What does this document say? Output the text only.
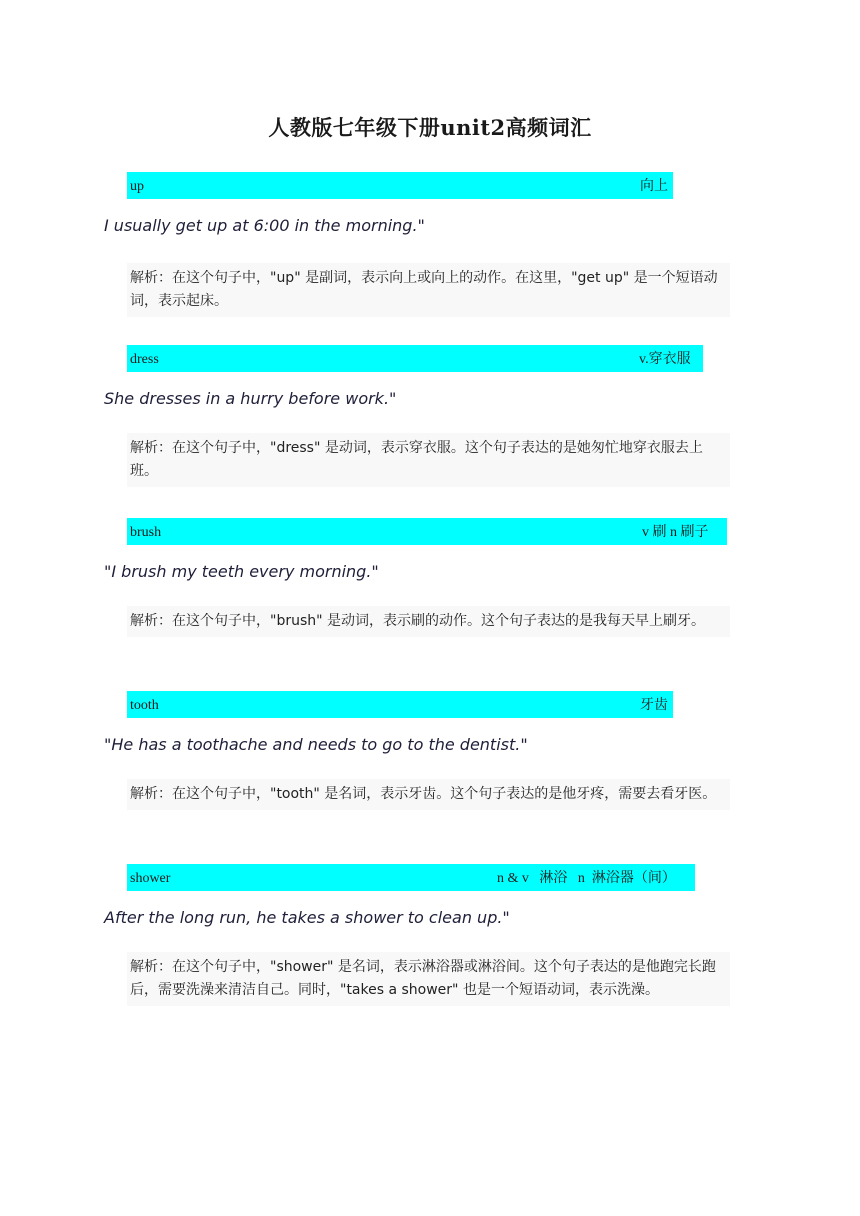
人教版七年级下册unit2高频词汇
up	向上
I usually get up at 6:00 in the morning."
解析：在这个句子中，"up" 是副词，表示向上或向上的动作。在这里，"get up" 是一个短语动词，表示起床。
dress	v.穿衣服
She dresses in a hurry before work."
解析：在这个句子中，"dress" 是动词，表示穿衣服。这个句子表达的是她匆忙地穿衣服去上班。
brush	v 刷 n 刷子
"I brush my teeth every morning."
解析：在这个句子中，"brush" 是动词，表示刷的动作。这个句子表达的是我每天早上刷牙。
tooth	牙齿
"He has a toothache and needs to go to the dentist."
解析：在这个句子中，"tooth" 是名词，表示牙齿。这个句子表达的是他牙疼，需要去看牙医。
shower	n & v   淋浴   n  淋浴器（间）
After the long run, he takes a shower to clean up."
解析：在这个句子中，"shower" 是名词，表示淋浴器或淋浴间。这个句子表达的是他跑完长跑后，需要洗澡来清洁自己。同时，"takes a shower" 也是一个短语动词，表示洗澡。
